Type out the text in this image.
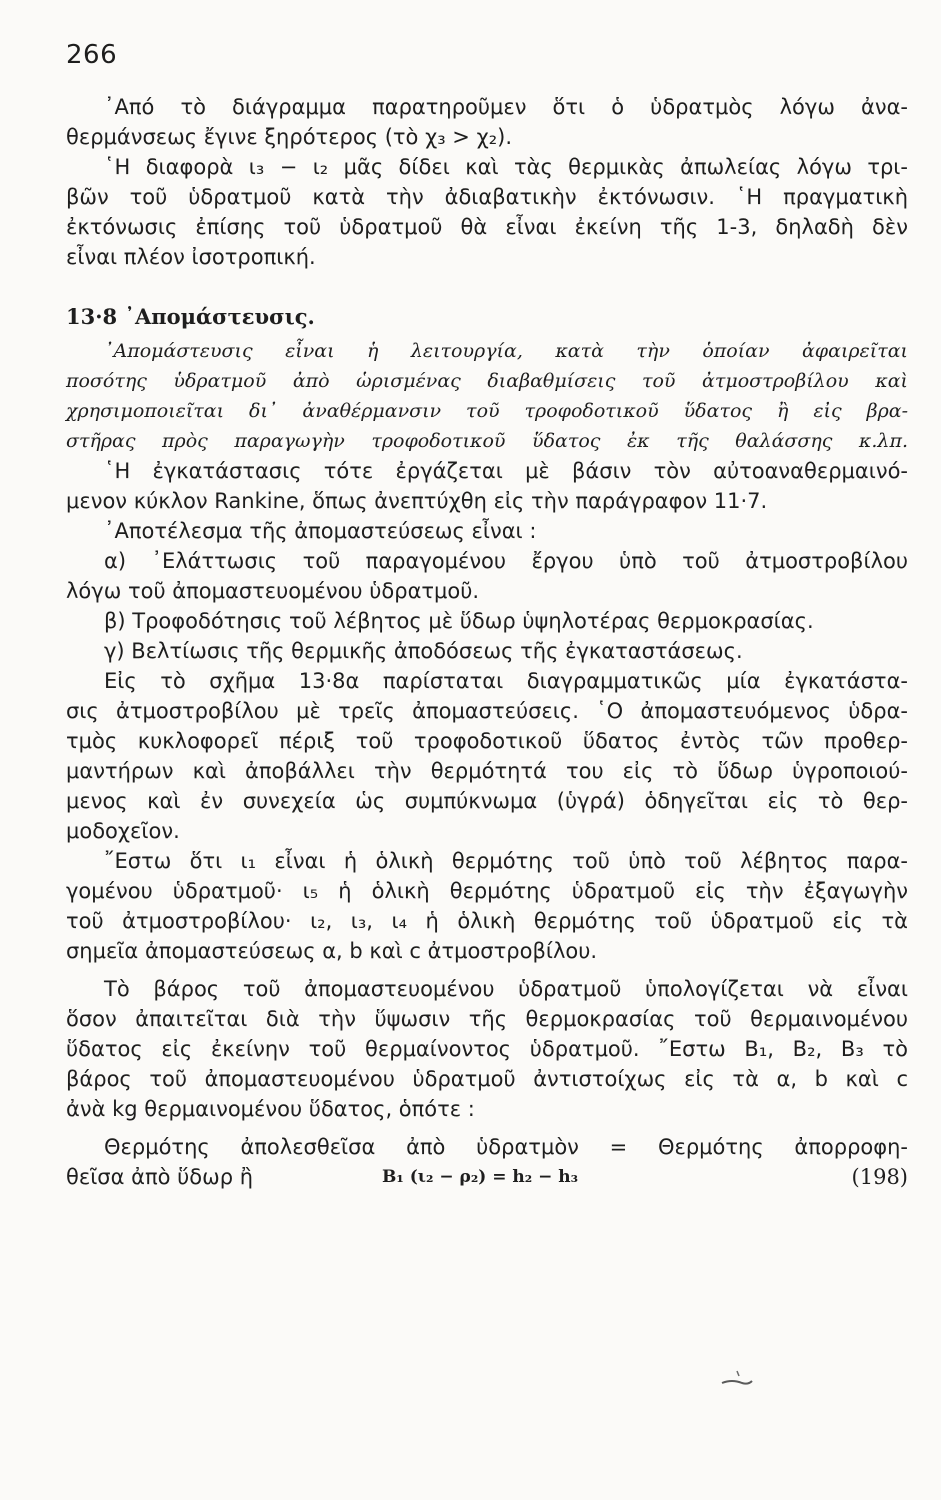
266
᾿Από τὸ διάγραμμα παρατηροῦμεν ὅτι ὁ ὑδρατμὸς λόγω ἀνα-
θερμάνσεως ἔγινε ξηρότερος (τὸ χ₃ > χ₂).
῾Η διαφορὰ ι₃ − ι₂ μᾶς δίδει καὶ τὰς θερμικὰς ἀπωλείας λόγω τρι-
βῶν τοῦ ὑδρατμοῦ κατὰ τὴν ἀδιαβατικὴν ἐκτόνωσιν. ῾Η πραγματικὴ
ἐκτόνωσις ἐπίσης τοῦ ὑδρατμοῦ θὰ εἶναι ἐκείνη τῆς 1-3, δηλαδὴ δὲν
εἶναι πλέον ἰσοτροπική.
13·8 ᾿Απομάστευσις.
᾿Απομάστευσις εἶναι ἡ λειτουργία, κατὰ τὴν ὁποίαν ἀφαιρεῖται
ποσότης ὑδρατμοῦ ἀπὸ ὡρισμένας διαβαθμίσεις τοῦ ἀτμοστροβίλου καὶ
χρησιμοποιεῖται δι᾿ ἀναθέρμανσιν τοῦ τροφοδοτικοῦ ὕδατος ἢ εἰς βρα-
στῆρας πρὸς παραγωγὴν τροφοδοτικοῦ ὕδατος ἐκ τῆς θαλάσσης κ.λπ.
῾Η ἐγκατάστασις τότε ἐργάζεται μὲ βάσιν τὸν αὐτοαναθερμαινό-
μενον κύκλον Rankine, ὅπως ἀνεπτύχθη εἰς τὴν παράγραφον 11·7.
᾿Αποτέλεσμα τῆς ἀπομαστεύσεως εἶναι :
α) ᾿Ελάττωσις τοῦ παραγομένου ἔργου ὑπὸ τοῦ ἀτμοστροβίλου
λόγω τοῦ ἀπομαστευομένου ὑδρατμοῦ.
β) Τροφοδότησις τοῦ λέβητος μὲ ὕδωρ ὑψηλοτέρας θερμοκρασίας.
γ) Βελτίωσις τῆς θερμικῆς ἀποδόσεως τῆς ἐγκαταστάσεως.
Εἰς τὸ σχῆμα 13·8α παρίσταται διαγραμματικῶς μία ἐγκατάστα-
σις ἀτμοστροβίλου μὲ τρεῖς ἀπομαστεύσεις. ῾Ο ἀπομαστευόμενος ὑδρα-
τμὸς κυκλοφορεῖ πέριξ τοῦ τροφοδοτικοῦ ὕδατος ἐντὸς τῶν προθερ-
μαντήρων καὶ ἀποβάλλει τὴν θερμότητά του εἰς τὸ ὕδωρ ὑγροποιού-
μενος καὶ ἐν συνεχεία ὡς συμπύκνωμα (ὑγρά) ὁδηγεῖται εἰς τὸ θερ-
μοδοχεῖον.
῎Εστω ὅτι ι₁ εἶναι ἡ ὁλικὴ θερμότης τοῦ ὑπὸ τοῦ λέβητος παρα-
γομένου ὑδρατμοῦ· ι₅ ἡ ὁλικὴ θερμότης ὑδρατμοῦ εἰς τὴν ἐξαγωγὴν
τοῦ ἀτμοστροβίλου· ι₂, ι₃, ι₄ ἡ ὁλικὴ θερμότης τοῦ ὑδρατμοῦ εἰς τὰ
σημεῖα ἀπομαστεύσεως α, b καὶ c ἀτμοστροβίλου.
Τὸ βάρος τοῦ ἀπομαστευομένου ὑδρατμοῦ ὑπολογίζεται νὰ εἶναι
ὅσον ἀπαιτεῖται διὰ τὴν ὕψωσιν τῆς θερμοκρασίας τοῦ θερμαινομένου
ὕδατος εἰς ἐκείνην τοῦ θερμαίνοντος ὑδρατμοῦ. ῎Εστω B₁, B₂, B₃ τὸ
βάρος τοῦ ἀπομαστευομένου ὑδρατμοῦ ἀντιστοίχως εἰς τὰ α, b καὶ c
ἀνὰ kg θερμαινομένου ὕδατος, ὁπότε :
Θερμότης ἀπολεσθεῖσα ἀπὸ ὑδρατμὸν = Θερμότης ἀπορροφη-
θεῖσα ἀπὸ ὕδωρ ἢ	B₁ (ι₂ − ρ₂) = h₂ − h₃	(198)
